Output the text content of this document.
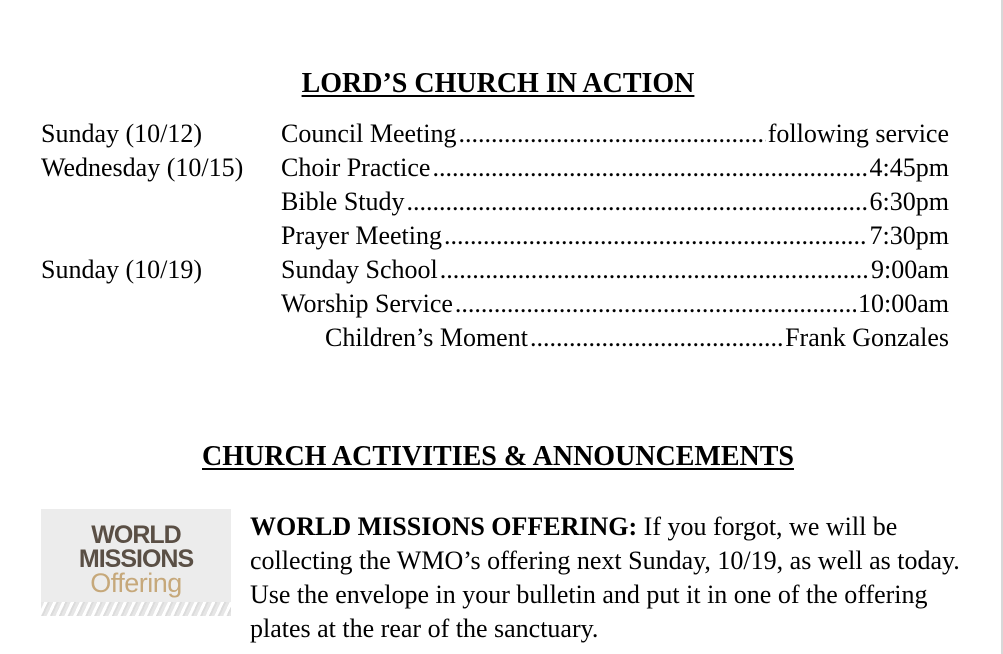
LORD’S CHURCH IN ACTION
Sunday (10/12)	Council Meeting .....	following service
Wednesday (10/15) Choir Practice .....	4:45pm
Bible Study .....	6:30pm
Prayer Meeting .....	7:30pm
Sunday (10/19)	Sunday School .....	9:00am
Worship Service .....	10:00am
Children’s Moment .....	Frank Gonzales
CHURCH ACTIVITIES & ANNOUNCEMENTS
WORLD
MISSIONS
Offering
WORLD MISSIONS OFFERING: If you forgot, we will be collecting the WMO’s offering next Sunday, 10/19, as well as today. Use the envelope in your bulletin and put it in one of the offering plates at the rear of the sanctuary.
